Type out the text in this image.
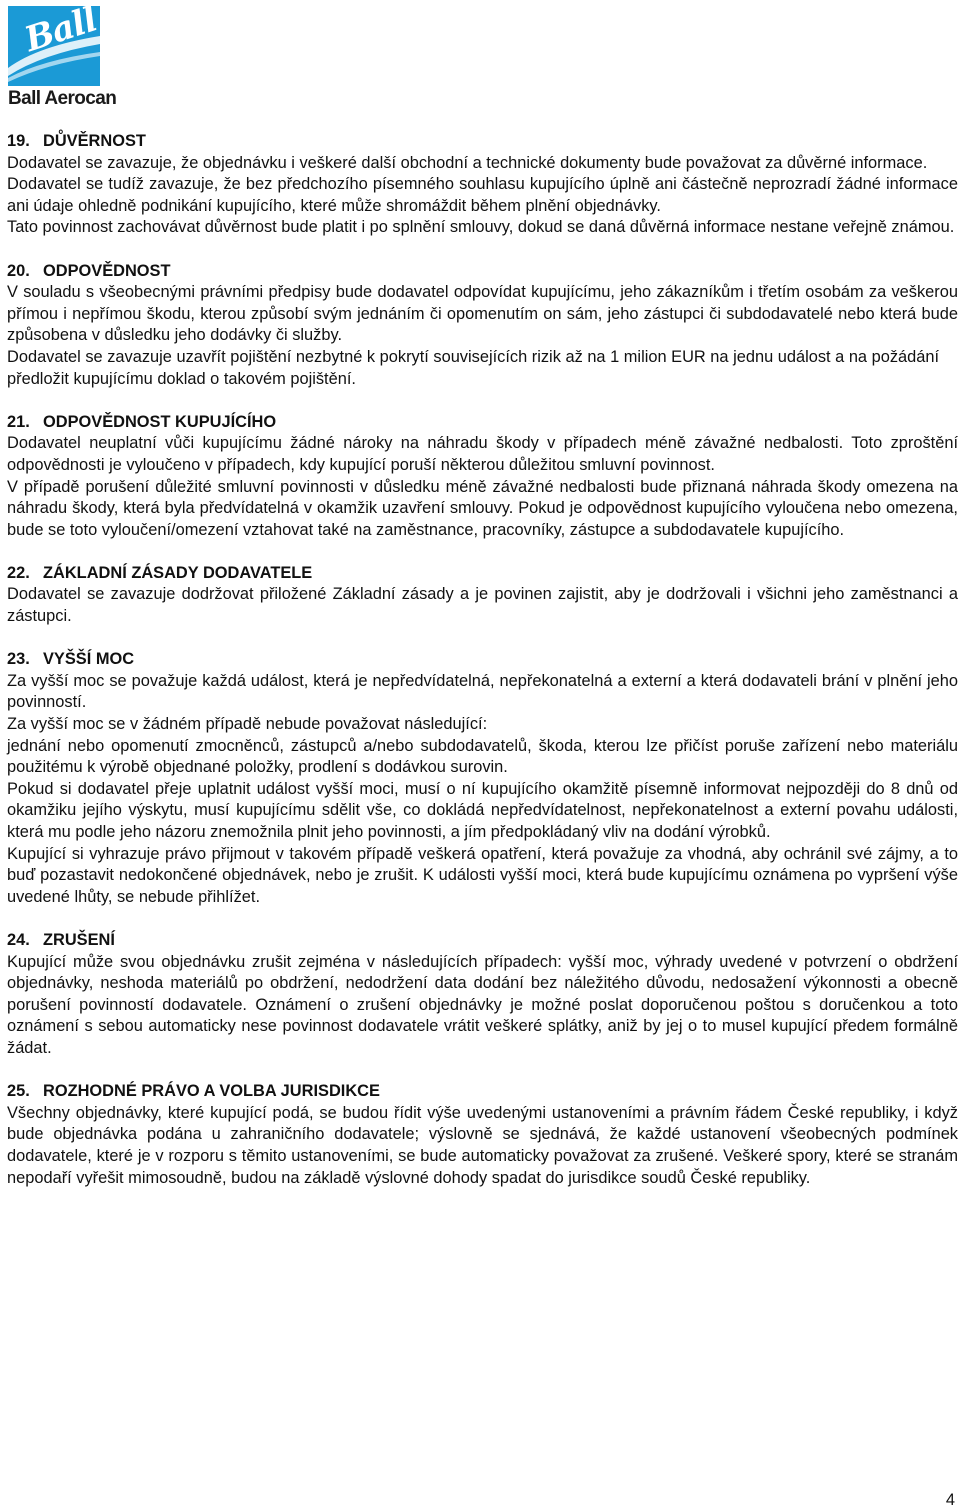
Ball
Ball Aerocan
19. DŮVĚRNOST

Dodavatel se zavazuje, že objednávku i veškeré další obchodní a technické dokumenty bude považovat za důvěrné informace.

Dodavatel se tudíž zavazuje, že bez předchozího písemného souhlasu kupujícího úplně ani částečně neprozradí žádné informace ani údaje ohledně podnikání kupujícího, které může shromáždit během plnění objednávky.

Tato povinnost zachovávat důvěrnost bude platit i po splnění smlouvy, dokud se daná důvěrná informace nestane veřejně známou.

20. ODPOVĚDNOST

V souladu s všeobecnými právními předpisy bude dodavatel odpovídat kupujícímu, jeho zákazníkům i třetím osobám za veškerou přímou i nepřímou škodu, kterou způsobí svým jednáním či opomenutím on sám, jeho zástupci či subdodavatelé nebo která bude způsobena v důsledku jeho dodávky či služby.

Dodavatel se zavazuje uzavřít pojištění nezbytné k pokrytí souvisejících rizik až na 1 milion EUR na jednu událost a na požádání předložit kupujícímu doklad o takovém pojištění.

21. ODPOVĚDNOST KUPUJÍCÍHO

Dodavatel neuplatní vůči kupujícímu žádné nároky na náhradu škody v případech méně závažné nedbalosti. Toto zproštění odpovědnosti je vyloučeno v případech, kdy kupující poruší některou důležitou smluvní povinnost.

V případě porušení důležité smluvní povinnosti v důsledku méně závažné nedbalosti bude přiznaná náhrada škody omezena na náhradu škody, která byla předvídatelná v okamžik uzavření smlouvy. Pokud je odpovědnost kupujícího vyloučena nebo omezena, bude se toto vyloučení/omezení vztahovat také na zaměstnance, pracovníky, zástupce a subdodavatele kupujícího.

22. ZÁKLADNÍ ZÁSADY DODAVATELE

Dodavatel se zavazuje dodržovat přiložené Základní zásady a je povinen zajistit, aby je dodržovali i všichni jeho zaměstnanci a zástupci.

23. VYŠŠÍ MOC

Za vyšší moc se považuje každá událost, která je nepředvídatelná, nepřekonatelná a externí a která dodavateli brání v plnění jeho povinností.

Za vyšší moc se v žádném případě nebude považovat následující:

jednání nebo opomenutí zmocněnců, zástupců a/nebo subdodavatelů, škoda, kterou lze přičíst poruše zařízení nebo materiálu použitému k výrobě objednané položky, prodlení s dodávkou surovin.

Pokud si dodavatel přeje uplatnit událost vyšší moci, musí o ní kupujícího okamžitě písemně informovat nejpozději do 8 dnů od okamžiku jejího výskytu, musí kupujícímu sdělit vše, co dokládá nepředvídatelnost, nepřekonatelnost a externí povahu události, která mu podle jeho názoru znemožnila plnit jeho povinnosti, a jím předpokládaný vliv na dodání výrobků.

Kupující si vyhrazuje právo přijmout v takovém případě veškerá opatření, která považuje za vhodná, aby ochránil své zájmy, a to buď pozastavit nedokončené objednávek, nebo je zrušit. K události vyšší moci, která bude kupujícímu oznámena po vypršení výše uvedené lhůty, se nebude přihlížet.

24. ZRUŠENÍ

Kupující může svou objednávku zrušit zejména v následujících případech: vyšší moc, výhrady uvedené v potvrzení o obdržení objednávky, neshoda materiálů po obdržení, nedodržení data dodání bez náležitého důvodu, nedosažení výkonnosti a obecně porušení povinností dodavatele. Oznámení o zrušení objednávky je možné poslat doporučenou poštou s doručenkou a toto oznámení s sebou automaticky nese povinnost dodavatele vrátit veškeré splátky, aniž by jej o to musel kupující předem formálně žádat.

25. ROZHODNÉ PRÁVO A VOLBA JURISDIKCE

Všechny objednávky, které kupující podá, se budou řídit výše uvedenými ustanoveními a právním řádem České republiky, i když bude objednávka podána u zahraničního dodavatele; výslovně se sjednává, že každé ustanovení všeobecných podmínek dodavatele, které je v rozporu s těmito ustanoveními, se bude automaticky považovat za zrušené. Veškeré spory, které se stranám nepodaří vyřešit mimosoudně, budou na základě výslovné dohody spadat do jurisdikce soudů České republiky.

4
